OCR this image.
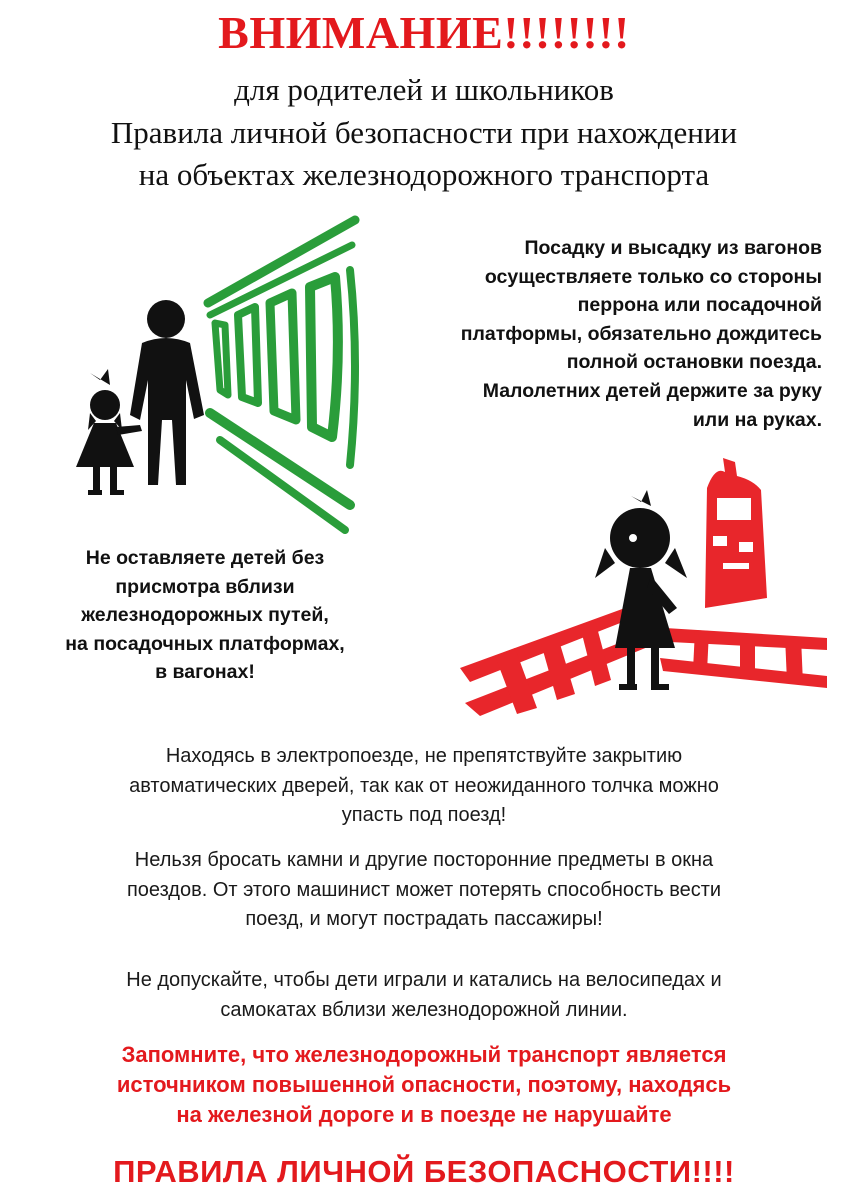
ВНИМАНИЕ!!!!!!!!
для родителей и школьников
Правила личной безопасности при нахождении
на объектах железнодорожного транспорта
Посадку и высадку из вагонов
осуществляете только со стороны
перрона или посадочной
платформы, обязательно дождитесь
полной остановки поезда.
Малолетних детей держите за руку
или на руках.
Не оставляете детей без
присмотра вблизи
железнодорожных путей,
на посадочных платформах,
в вагонах!
Находясь в электропоезде, не препятствуйте закрытию
автоматических дверей, так как от неожиданного толчка можно
упасть под поезд!
Нельзя бросать камни и другие посторонние предметы в окна
поездов. От этого машинист может потерять способность вести
поезд, и могут пострадать пассажиры!
Не допускайте, чтобы дети играли и катались на велосипедах и
самокатах вблизи железнодорожной линии.
Запомните, что железнодорожный транспорт является
источником повышенной опасности, поэтому, находясь
на железной дороге и в поезде не нарушайте
ПРАВИЛА ЛИЧНОЙ БЕЗОПАСНОСТИ!!!!
